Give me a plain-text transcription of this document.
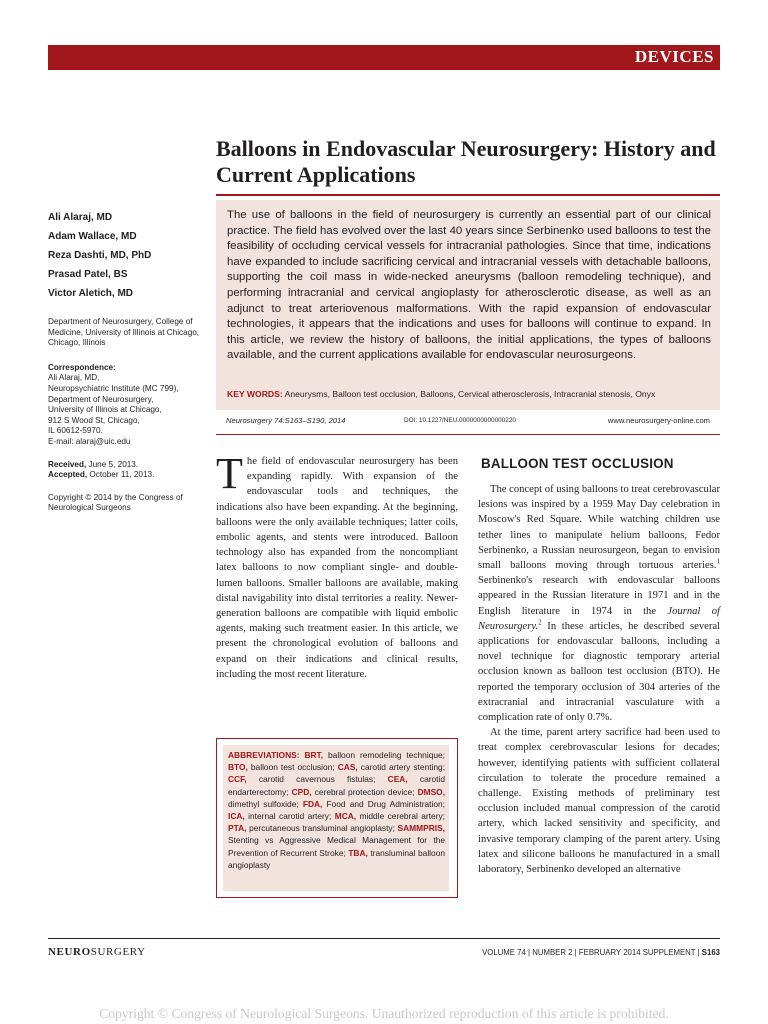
DEVICES
Balloons in Endovascular Neurosurgery: History and Current Applications
Ali Alaraj, MD
Adam Wallace, MD
Reza Dashti, MD, PhD
Prasad Patel, BS
Victor Aletich, MD
Department of Neurosurgery, College of Medicine, University of Illinois at Chicago, Chicago, Illinois
Correspondence:
Ali Alaraj, MD,
Neuropsychiatric Institute (MC 799),
Department of Neurosurgery,
University of Illinois at Chicago,
912 S Wood St, Chicago,
IL 60612-5970.
E-mail: alaraj@uic.edu
Received, June 5, 2013.
Accepted, October 11, 2013.
Copyright © 2014 by the Congress of Neurological Surgeons

The use of balloons in the field of neurosurgery is currently an essential part of our clinical practice. The field has evolved over the last 40 years since Serbinenko used balloons to test the feasibility of occluding cervical vessels for intracranial pathologies. Since that time, indications have expanded to include sacrificing cervical and intracranial vessels with detachable balloons, supporting the coil mass in wide-necked aneurysms (balloon remodeling technique), and performing intracranial and cervical angioplasty for atherosclerotic disease, as well as an adjunct to treat arteriovenous malformations. With the rapid expansion of endovascular technologies, it appears that the indications and uses for balloons will continue to expand. In this article, we review the history of balloons, the initial applications, the types of balloons available, and the current applications available for endovascular neurosurgeons.

KEY WORDS: Aneurysms, Balloon test occlusion, Balloons, Cervical atherosclerosis, Intracranial stenosis, Onyx
Neurosurgery 74:S163–S190, 2014	DOI: 10.1227/NEU.0000000000000220	www.neurosurgery-online.com

The field of endovascular neurosurgery has been expanding rapidly. With expansion of the endovascular tools and techniques, the indications also have been expanding. At the beginning, balloons were the only available techniques; latter coils, embolic agents, and stents were introduced. Balloon technology also has expanded from the noncompliant latex balloons to now compliant single- and double-lumen balloons. Smaller balloons are available, making distal navigability into distal territories a reality. Newer-generation balloons are compatible with liquid embolic agents, making such treatment easier. In this article, we present the chronological evolution of balloons and expand on their indications and clinical results, including the most recent literature.

ABBREVIATIONS: BRT, balloon remodeling technique; BTO, balloon test occlusion; CAS, carotid artery stenting; CCF, carotid cavernous fistulas; CEA, carotid endarterectomy; CPD, cerebral protection device; DMSO, dimethyl sulfoxide; FDA, Food and Drug Administration; ICA, internal carotid artery; MCA, middle cerebral artery; PTA, percutaneous transluminal angioplasty; SAMMPRIS, Stenting vs Aggressive Medical Management for the Prevention of Recurrent Stroke; TBA, transluminal balloon angioplasty
BALLOON TEST OCCLUSION

The concept of using balloons to treat cerebrovascular lesions was inspired by a 1959 May Day celebration in Moscow's Red Square. While watching children use tether lines to manipulate helium balloons, Fedor Serbinenko, a Russian neurosurgeon, began to envision small balloons moving through tortuous arteries.$^1$ Serbinenko's research with endovascular balloons appeared in the Russian literature in 1971 and in the English literature in 1974 in the Journal of Neurosurgery.$^2$ In these articles, he described several applications for endovascular balloons, including a novel technique for diagnostic temporary arterial occlusion known as balloon test occlusion (BTO). He reported the temporary occlusion of 304 arteries of the extracranial and intracranial vasculature with a complication rate of only 0.7%.

At the time, parent artery sacrifice had been used to treat complex cerebrovascular lesions for decades; however, identifying patients with sufficient collateral circulation to tolerate the procedure remained a challenge. Existing methods of preliminary test occlusion included manual compression of the carotid artery, which lacked sensitivity and specificity, and invasive temporary clamping of the parent artery. Using latex and silicone balloons he manufactured in a small laboratory, Serbinenko developed an alternative

NEUROSURGERY	VOLUME 74 | NUMBER 2 | FEBRUARY 2014 SUPPLEMENT | S163
Copyright © Congress of Neurological Surgeons. Unauthorized reproduction of this article is prohibited.
